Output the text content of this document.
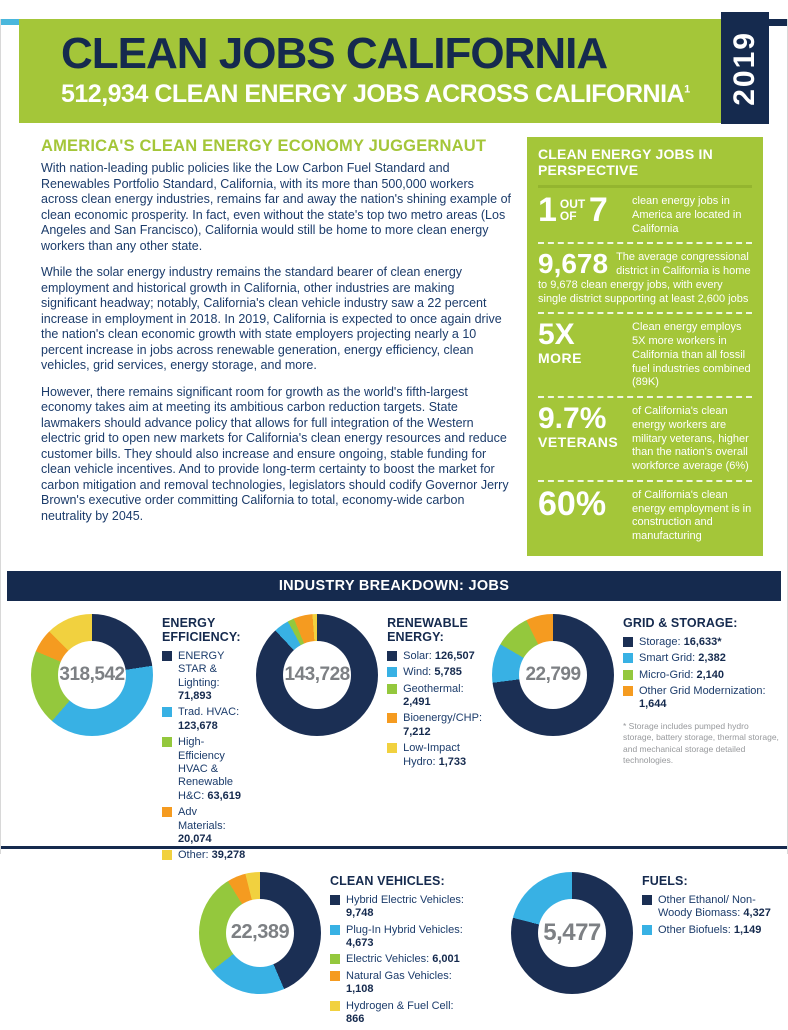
CLEAN JOBS CALIFORNIA
512,934 CLEAN ENERGY JOBS ACROSS CALIFORNIA$^1$	2019
AMERICA'S CLEAN ENERGY ECONOMY JUGGERNAUT

With nation-leading public policies like the Low Carbon Fuel Standard and Renewables Portfolio Standard, California, with its more than 500,000 workers across clean energy industries, remains far and away the nation's shining example of clean economic prosperity. In fact, even without the state's top two metro areas (Los Angeles and San Francisco), California would still be home to more clean energy workers than any other state.

While the solar energy industry remains the standard bearer of clean energy employment and historical growth in California, other industries are making significant headway; notably, California's clean vehicle industry saw a 22 percent increase in employment in 2018. In 2019, California is expected to once again drive the nation's clean economic growth with state employers projecting nearly a 10 percent increase in jobs across renewable generation, energy efficiency, clean vehicles, grid services, energy storage, and more.

However, there remains significant room for growth as the world's fifth-largest economy takes aim at meeting its ambitious carbon reduction targets. State lawmakers should advance policy that allows for full integration of the Western electric grid to open new markets for California's clean energy resources and reduce customer bills. They should also increase and ensure ongoing, stable funding for clean vehicle incentives. And to provide long-term certainty to boost the market for carbon mitigation and removal technologies, legislators should codify Governor Jerry Brown's executive order committing California to total, economy-wide carbon neutrality by 2045.

CLEAN ENERGY JOBS IN PERSPECTIVE
1 OUT OF 7 clean energy jobs in America are located in California
9,678 The average congressional district in California is home to 9,678 clean energy jobs, with every single district supporting at least 2,600 jobs
5X
MORE
Clean energy employs 5X more workers in California than all fossil fuel industries combined (89K)
9.7%
VETERANS
of California's clean energy workers are military veterans, higher than the nation's overall workforce average (6%)
60%	of California's clean energy employment is in construction and manufacturing
INDUSTRY BREAKDOWN: JOBS
318,542
ENERGY EFFICIENCY:
ENERGY STAR & Lighting: 71,893
Trad. HVAC: 123,678
High-Efficiency HVAC & Renewable H&C: 63,619
Adv Materials: 20,074
Other: 39,278
143,728
RENEWABLE ENERGY:
Solar: 126,507
Wind: 5,785
Geothermal: 2,491
Bioenergy/CHP: 7,212
Low-Impact Hydro: 1,733
22,799
GRID & STORAGE:
Storage: 16,633*
Smart Grid: 2,382
Micro-Grid: 2,140
Other Grid Modernization: 1,644
* Storage includes pumped hydro storage, battery storage, thermal storage, and mechanical storage detailed technologies.
22,389
CLEAN VEHICLES:
Hybrid Electric Vehicles: 9,748
Plug-In Hybrid Vehicles: 4,673
Electric Vehicles: 6,001
Natural Gas Vehicles: 1,108
Hydrogen & Fuel Cell: 866
5,477
FUELS:
Other Ethanol/ Non-Woody Biomass: 4,327
Other Biofuels: 1,149
